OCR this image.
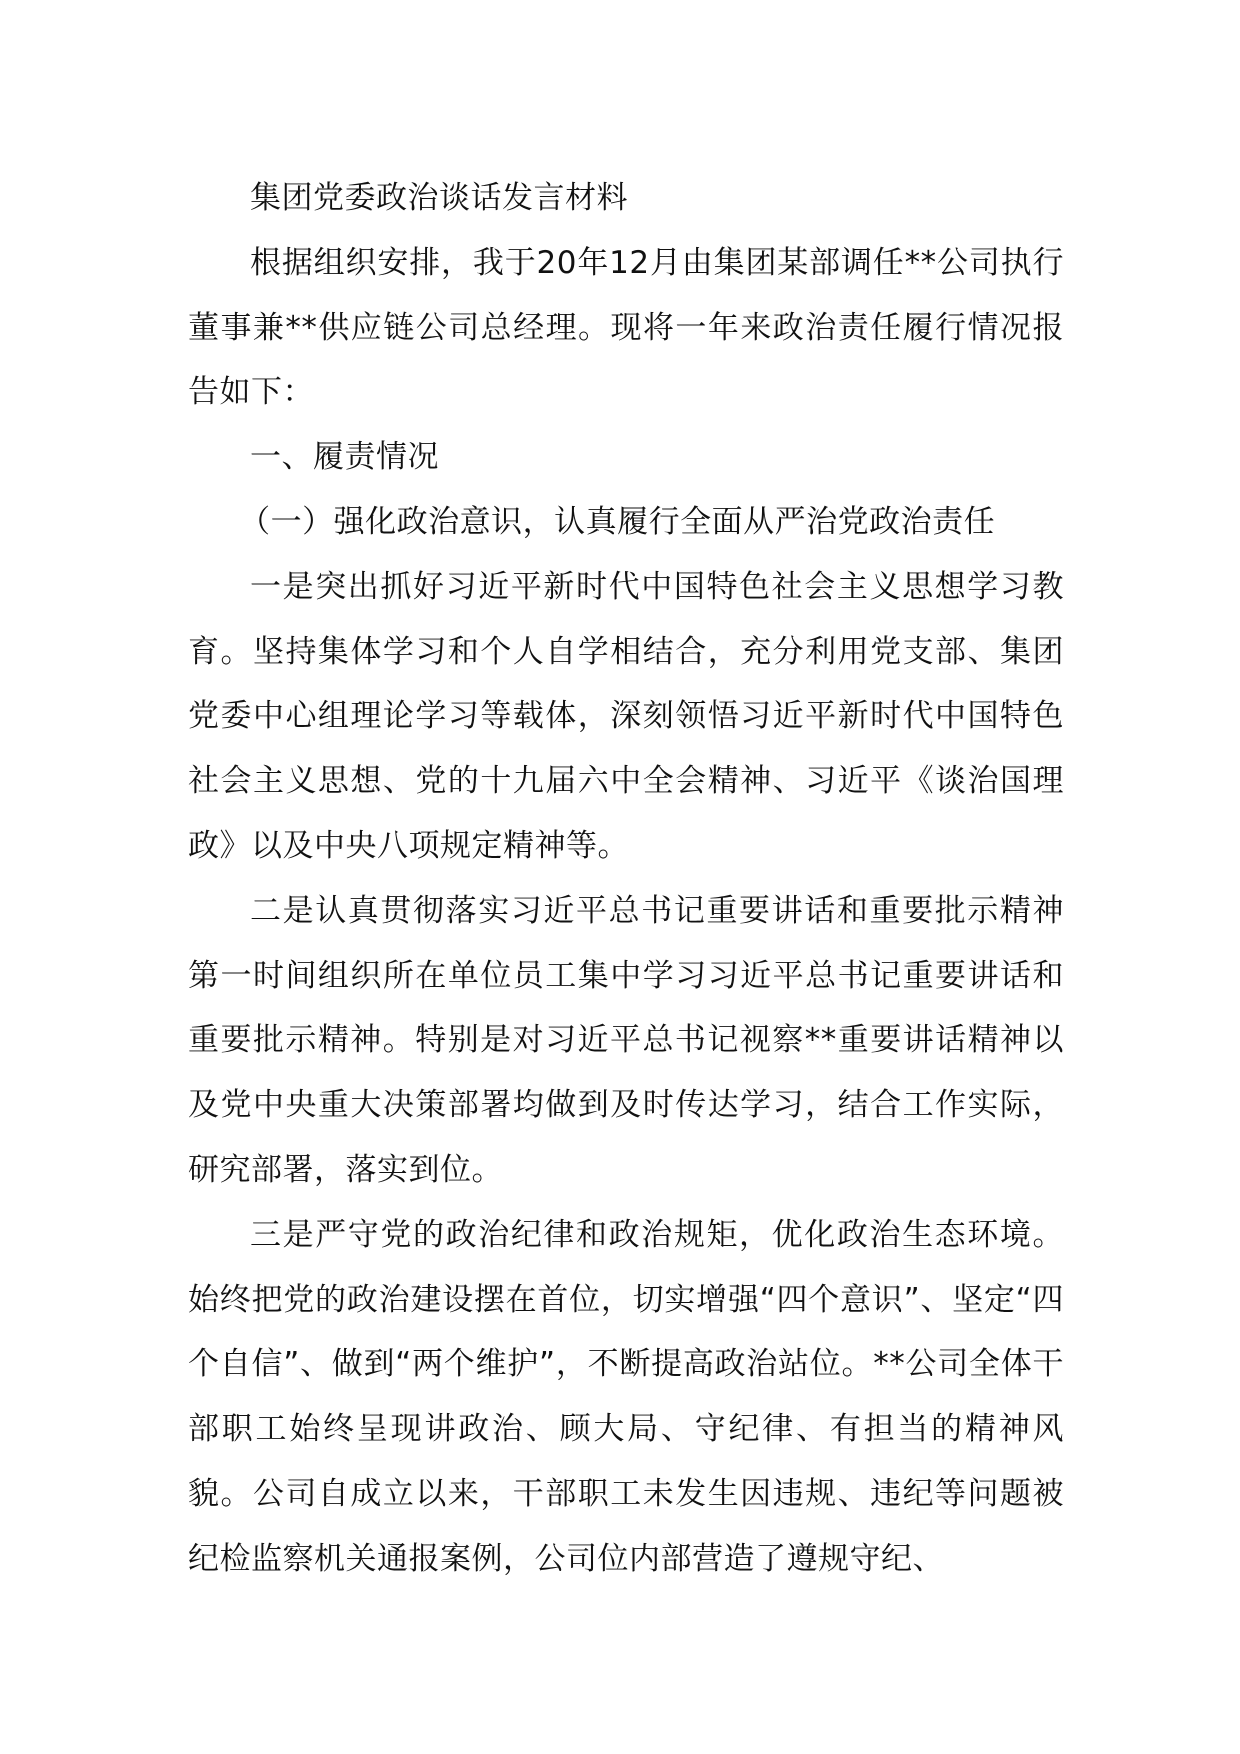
集团党委政治谈话发言材料

根据组织安排，我于20年12月由集团某部调任**公司执行董事兼**供应链公司总经理。现将一年来政治责任履行情况报告如下：

一、履责情况

（一）强化政治意识，认真履行全面从严治党政治责任

一是突出抓好习近平新时代中国特色社会主义思想学习教育。坚持集体学习和个人自学相结合，充分利用党支部、集团党委中心组理论学习等载体，深刻领悟习近平新时代中国特色社会主义思想、党的十九届六中全会精神、习近平《谈治国理政》以及中央八项规定精神等。

二是认真贯彻落实习近平总书记重要讲话和重要批示精神第一时间组织所在单位员工集中学习习近平总书记重要讲话和重要批示精神。特别是对习近平总书记视察**重要讲话精神以及党中央重大决策部署均做到及时传达学习，结合工作实际，研究部署，落实到位。

三是严守党的政治纪律和政治规矩，优化政治生态环境。始终把党的政治建设摆在首位，切实增强“四个意识”、坚定“四个自信”、做到“两个维护”，不断提高政治站位。**公司全体干部职工始终呈现讲政治、顾大局、守纪律、有担当的精神风貌。公司自成立以来，干部职工未发生因违规、违纪等问题被纪检监察机关通报案例，公司位内部营造了遵规守纪、
